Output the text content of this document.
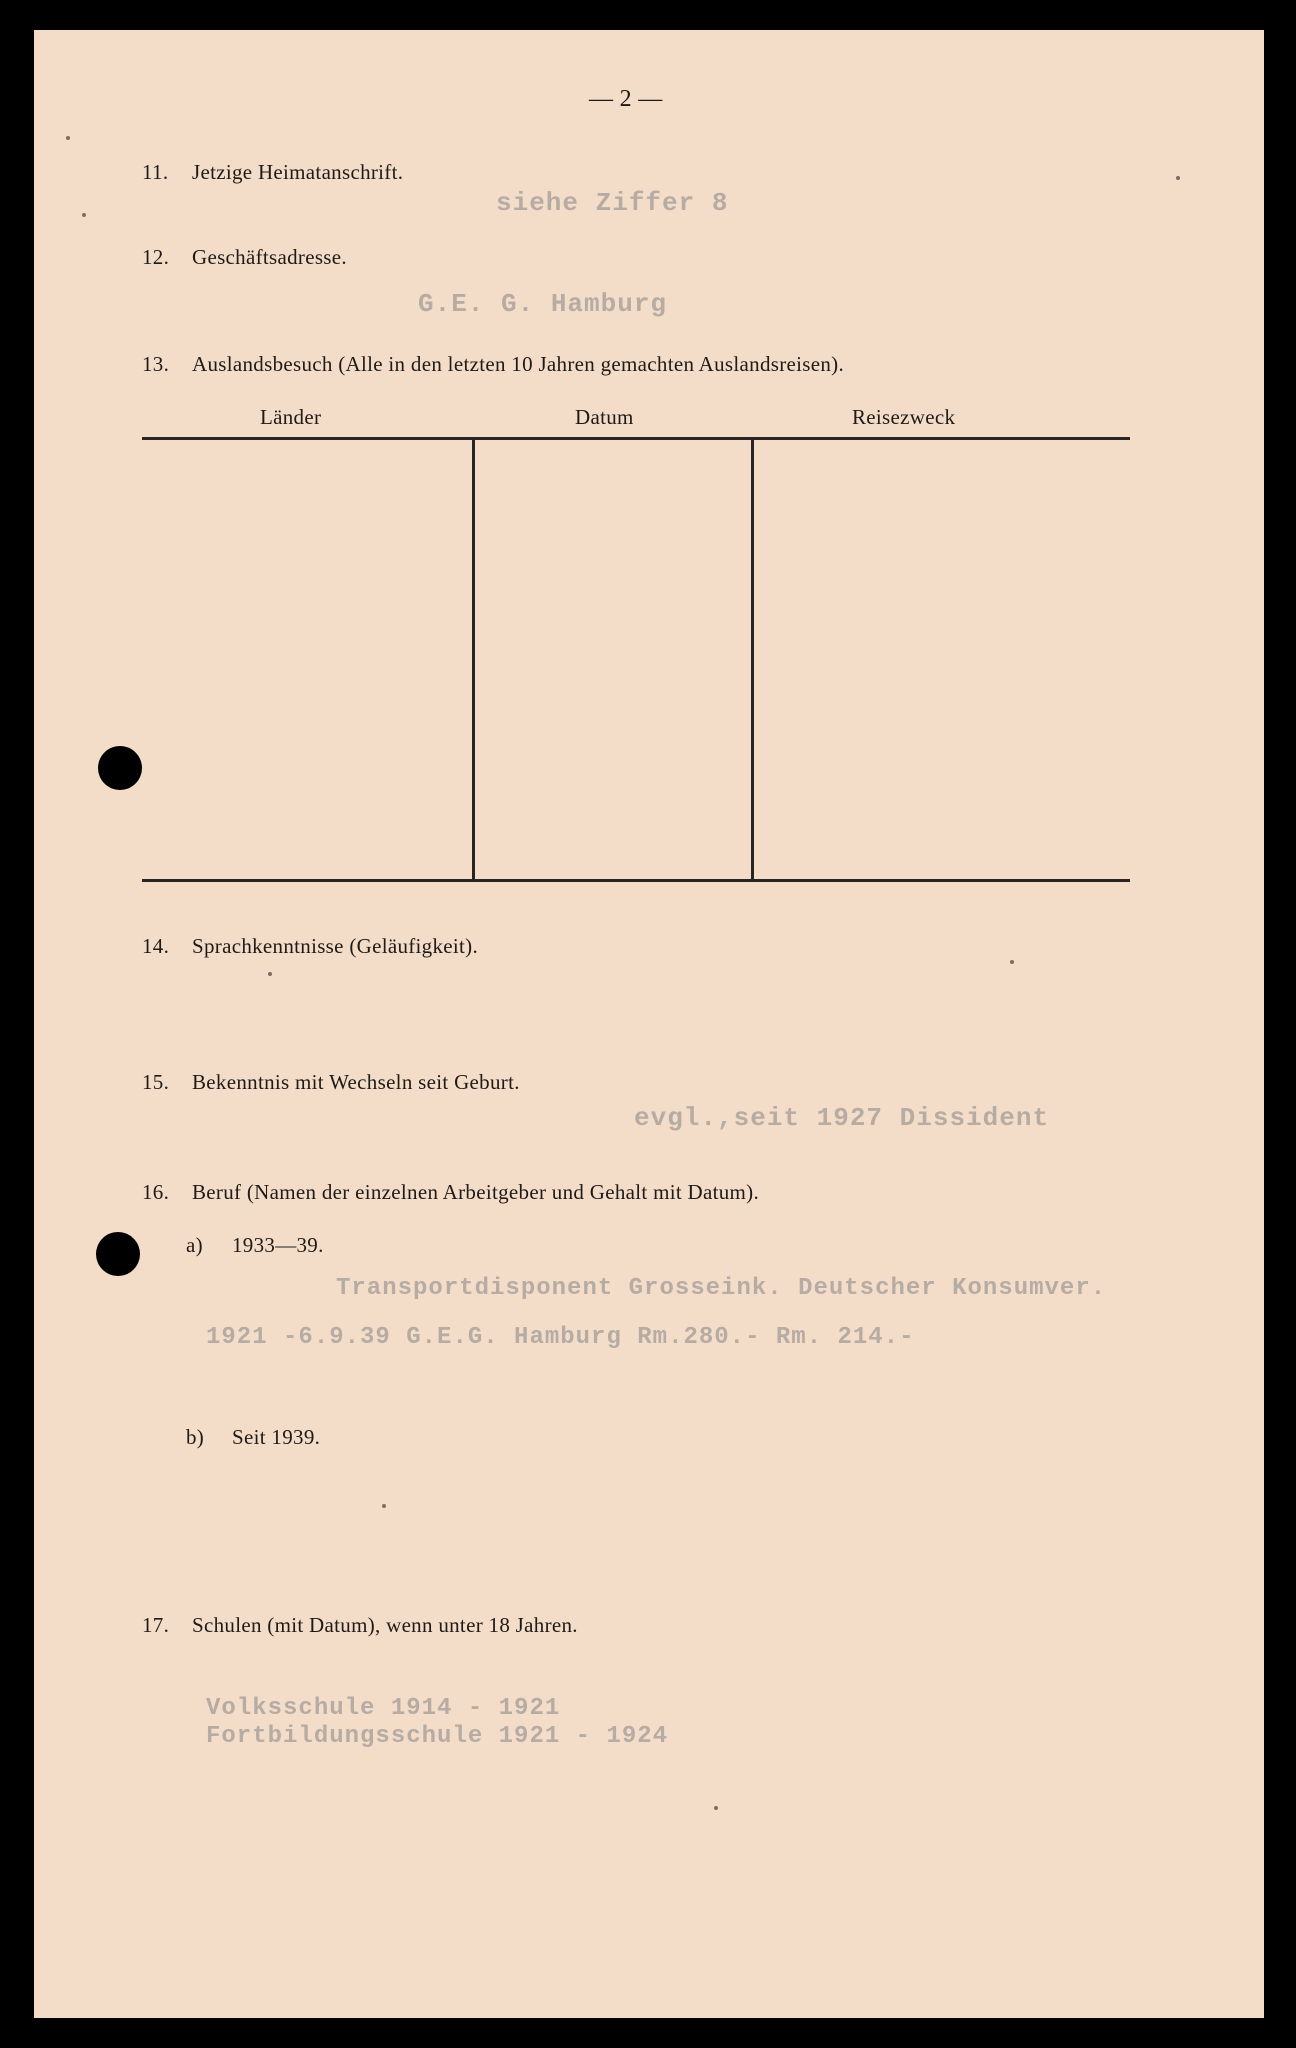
— 2 —
11. Jetzige Heimatanschrift.
siehe Ziffer 8
12. Geschäftsadresse.
G.E. G. Hamburg
13. Auslandsbesuch (Alle in den letzten 10 Jahren gemachten Auslandsreisen).
Länder	Datum	Reisezweck
14. Sprachkenntnisse (Geläufigkeit).
15. Bekenntnis mit Wechseln seit Geburt.
evgl.,seit 1927 Dissident
16. Beruf (Namen der einzelnen Arbeitgeber und Gehalt mit Datum).
a) 1933—39.
Transportdisponent Grosseink. Deutscher Konsumver.
1921 -6.9.39 G.E.G. Hamburg Rm.280.- Rm. 214.-
b) Seit 1939.
17. Schulen (mit Datum), wenn unter 18 Jahren.
Volksschule 1914 - 1921
Fortbildungsschule 1921 - 1924
